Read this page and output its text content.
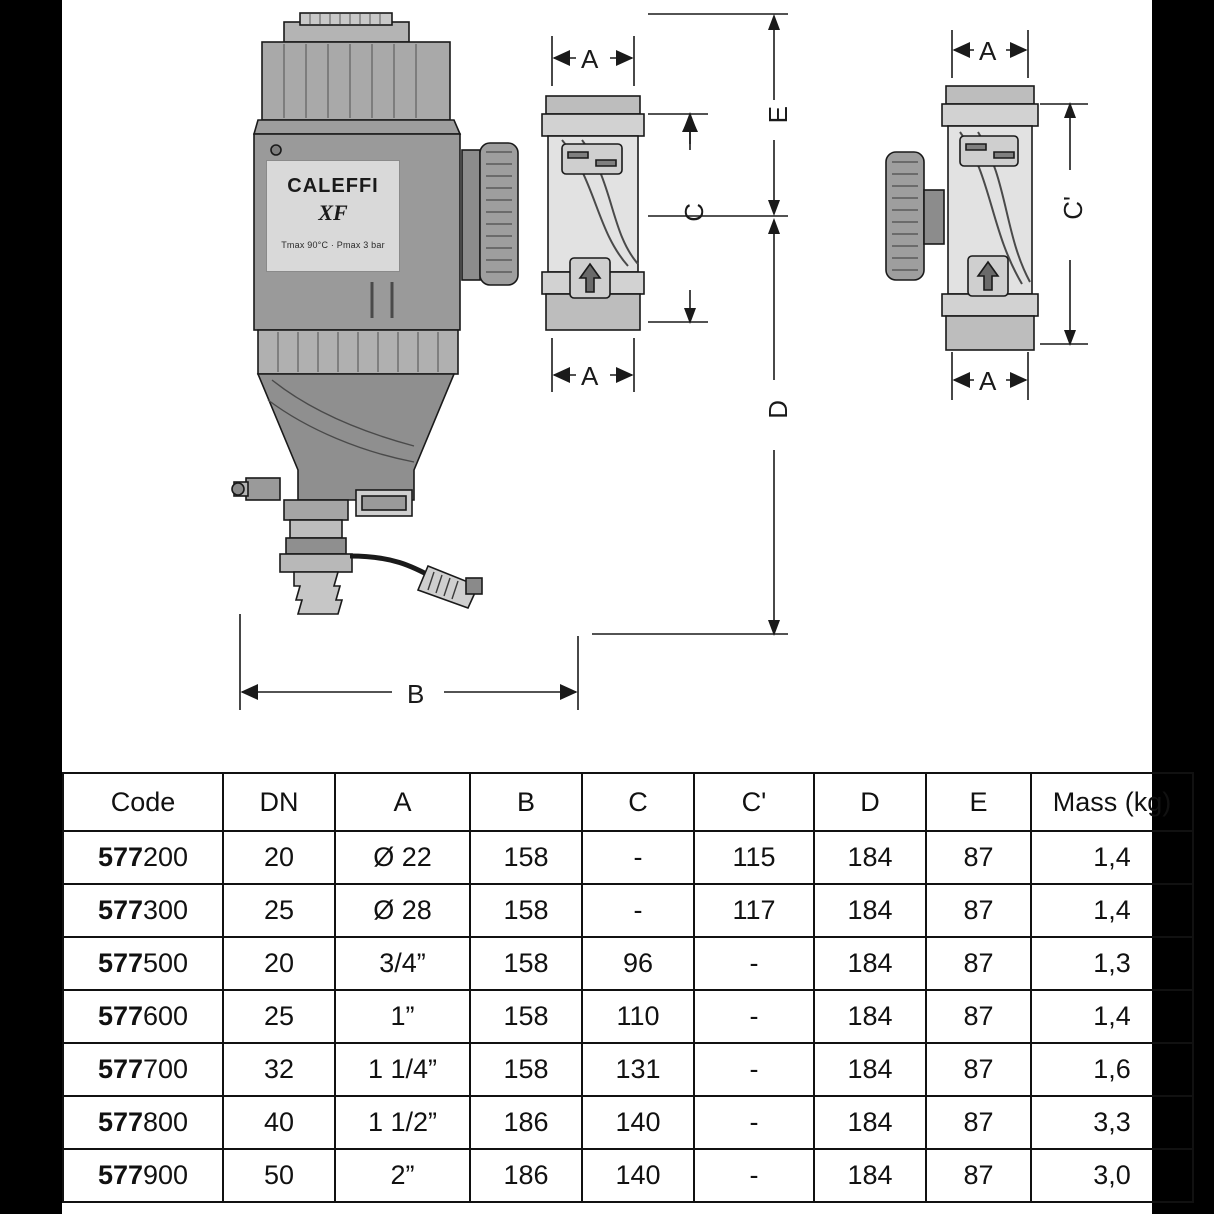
CALEFFI
XF
Tmax 90°C · Pmax 3 bar
A
A
C
E
D
B
A
A
C'
Code	DN	A	B	C	C'	D	E	Mass (kg)
577200	20	Ø 22	158	-	115	184	87	1,4
577300	25	Ø 28	158	-	117	184	87	1,4
577500	20	3/4”	158	96	-	184	87	1,3
577600	25	1”	158	110	-	184	87	1,4
577700	32	1 1/4”	158	131	-	184	87	1,6
577800	40	1 1/2”	186	140	-	184	87	3,3
577900	50	2”	186	140	-	184	87	3,0
